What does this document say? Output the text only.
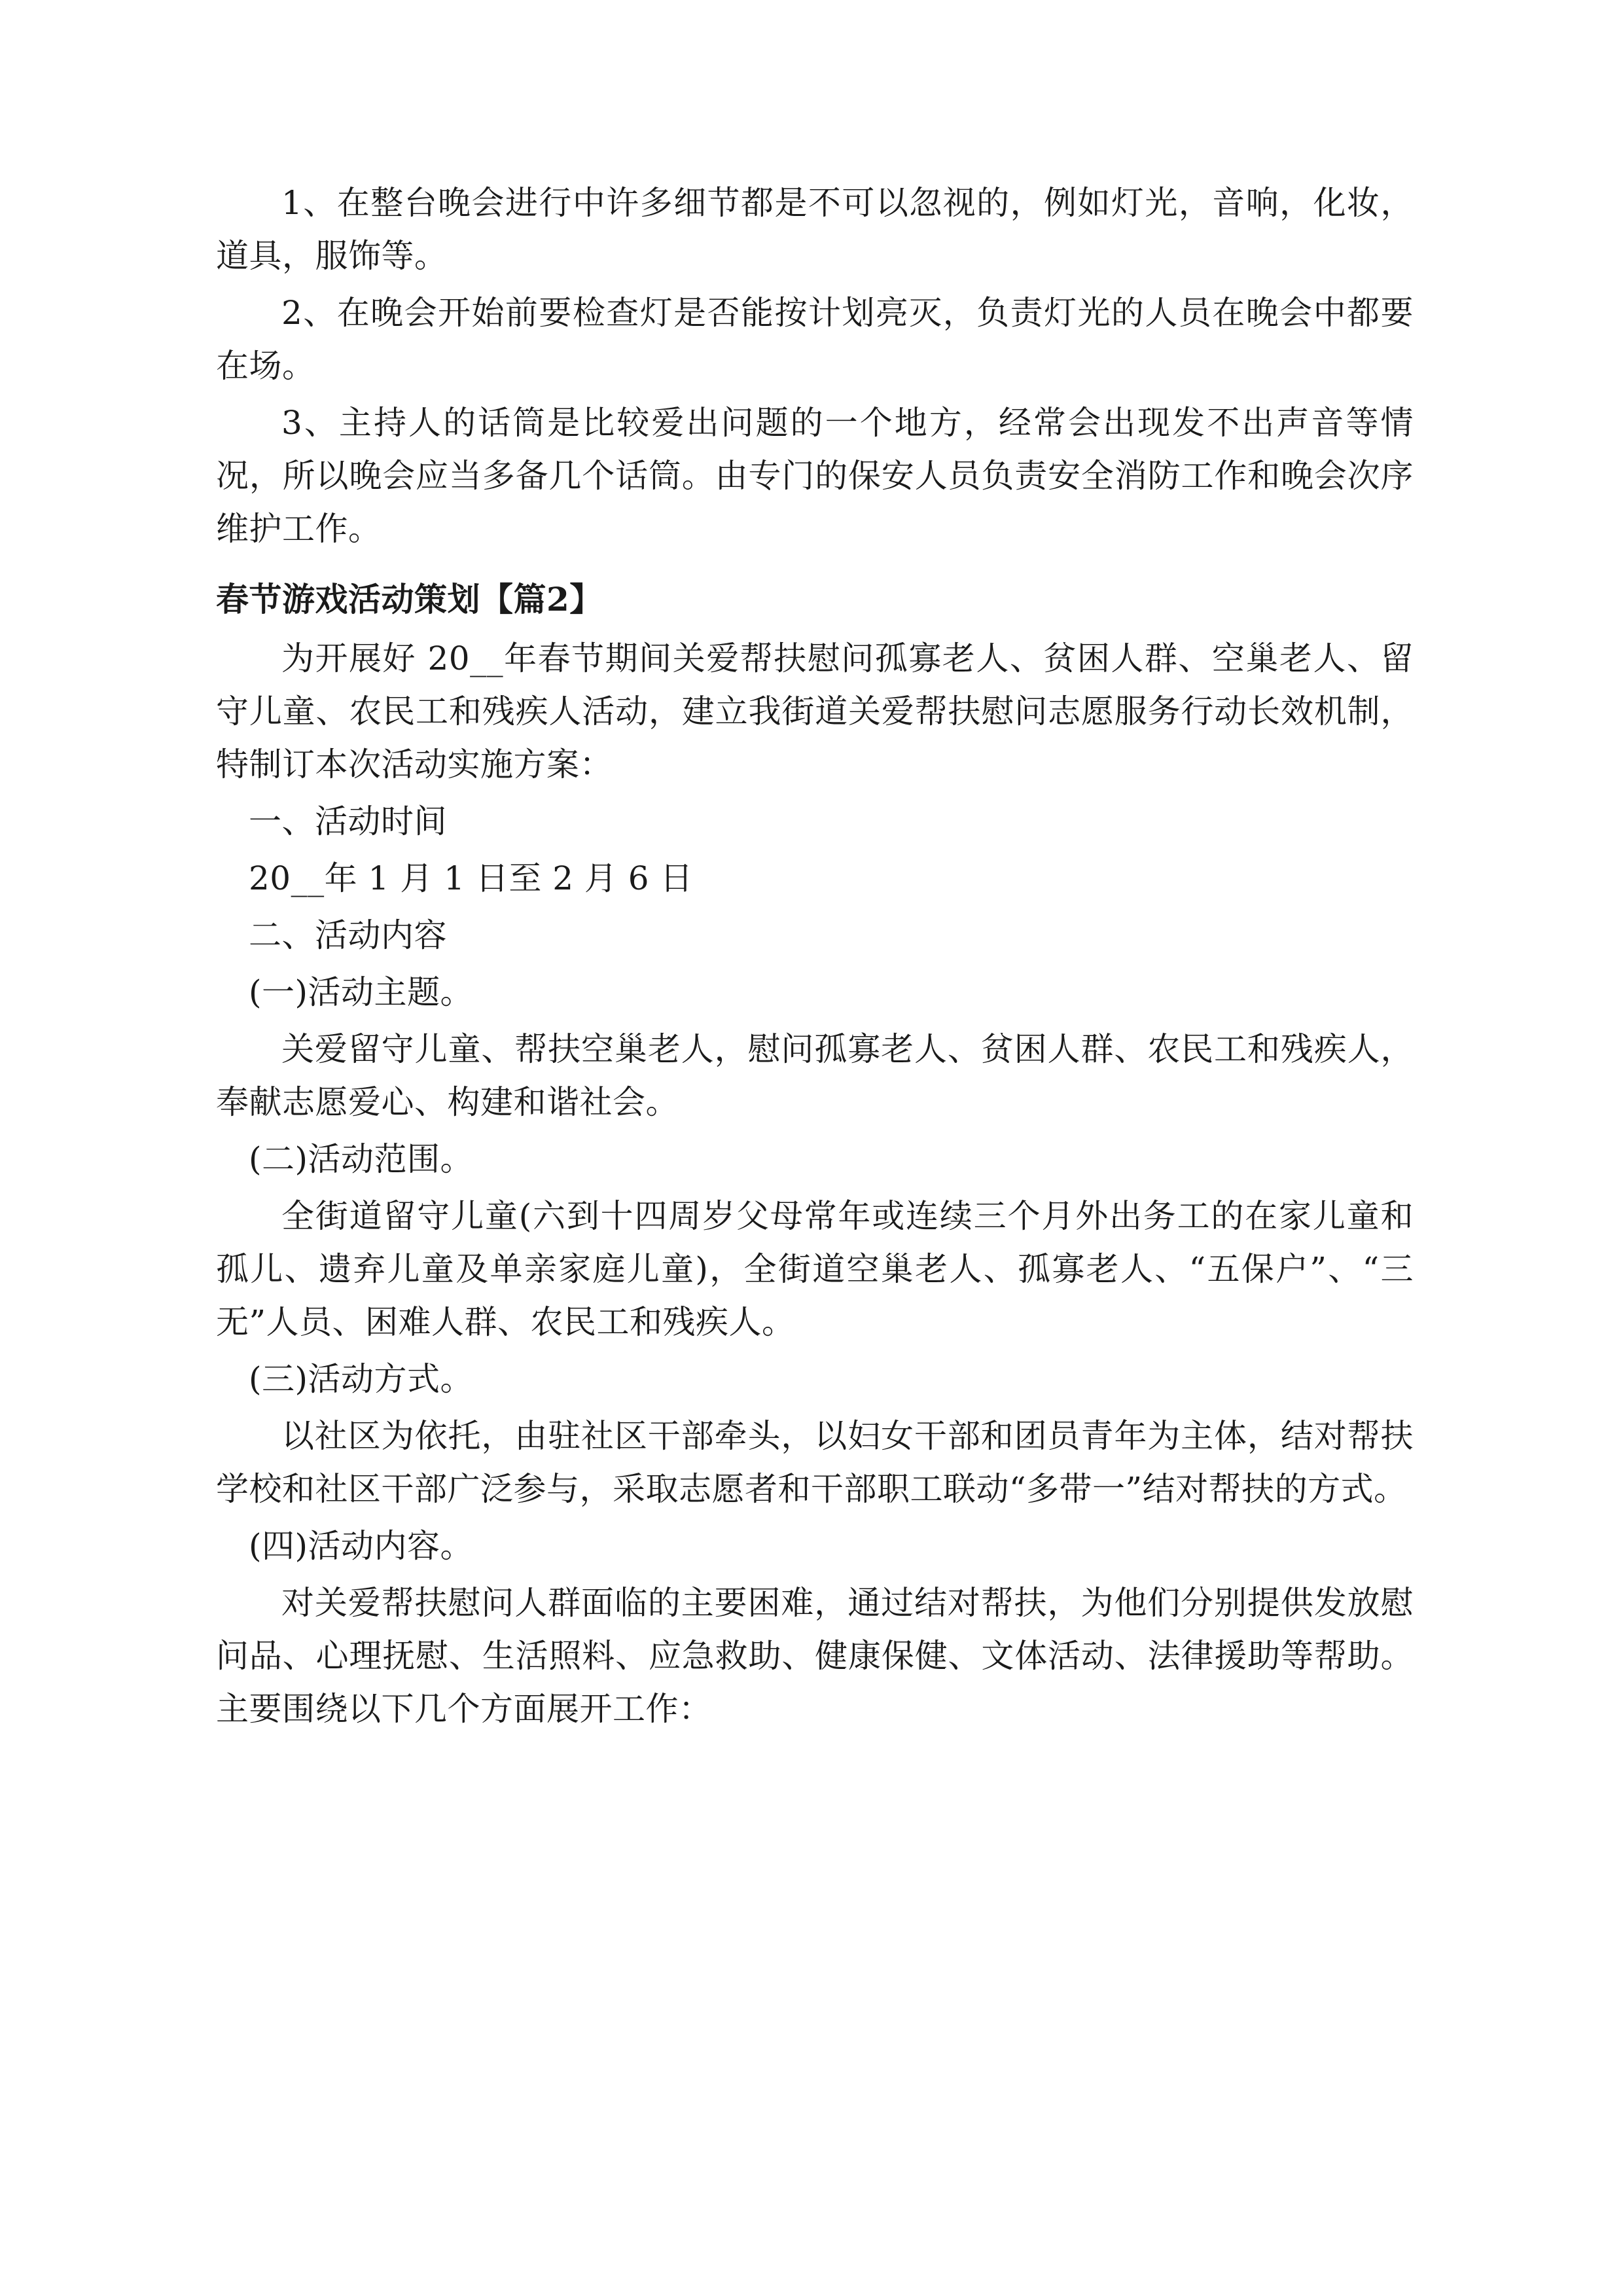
1、在整台晚会进行中许多细节都是不可以忽视的，例如灯光，音响，化妆，道具，服饰等。

2、在晚会开始前要检查灯是否能按计划亮灭，负责灯光的人员在晚会中都要在场。

3、主持人的话筒是比较爱出问题的一个地方，经常会出现发不出声音等情况，所以晚会应当多备几个话筒。由专门的保安人员负责安全消防工作和晚会次序维护工作。

春节游戏活动策划【篇2】

为开展好 20__年春节期间关爱帮扶慰问孤寡老人、贫困人群、空巢老人、留守儿童、农民工和残疾人活动，建立我街道关爱帮扶慰问志愿服务行动长效机制，特制订本次活动实施方案：

一、活动时间

20__年 1 月 1 日至 2 月 6 日

二、活动内容

(一)活动主题。

关爱留守儿童、帮扶空巢老人，慰问孤寡老人、贫困人群、农民工和残疾人，奉献志愿爱心、构建和谐社会。

(二)活动范围。

全街道留守儿童(六到十四周岁父母常年或连续三个月外出务工的在家儿童和孤儿、遗弃儿童及单亲家庭儿童)，全街道空巢老人、孤寡老人、“五保户”、“三无”人员、困难人群、农民工和残疾人。

(三)活动方式。

以社区为依托，由驻社区干部牵头，以妇女干部和团员青年为主体，结对帮扶学校和社区干部广泛参与，采取志愿者和干部职工联动“多带一”结对帮扶的方式。

(四)活动内容。

对关爱帮扶慰问人群面临的主要困难，通过结对帮扶，为他们分别提供发放慰问品、心理抚慰、生活照料、应急救助、健康保健、文体活动、法律援助等帮助。主要围绕以下几个方面展开工作：
